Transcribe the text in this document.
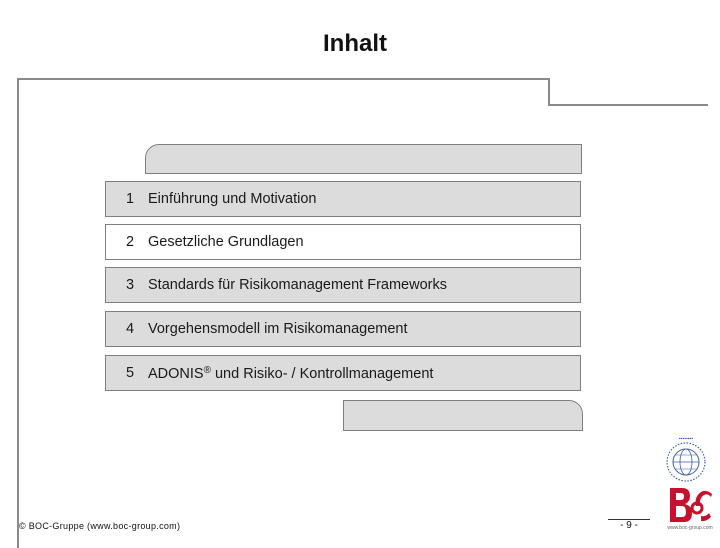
Inhalt
1 Einführung und Motivation
2 Gesetzliche Grundlagen
3 Standards für Risikomanagement Frameworks
4 Vorgehensmodell im Risikomanagement
5 ADONIS® und Risiko- / Kontrollmanagement
▪▪▪▪▪▪▪▪
www.boc-group.com
© BOC-Gruppe (www.boc-group.com)	- 9 -
